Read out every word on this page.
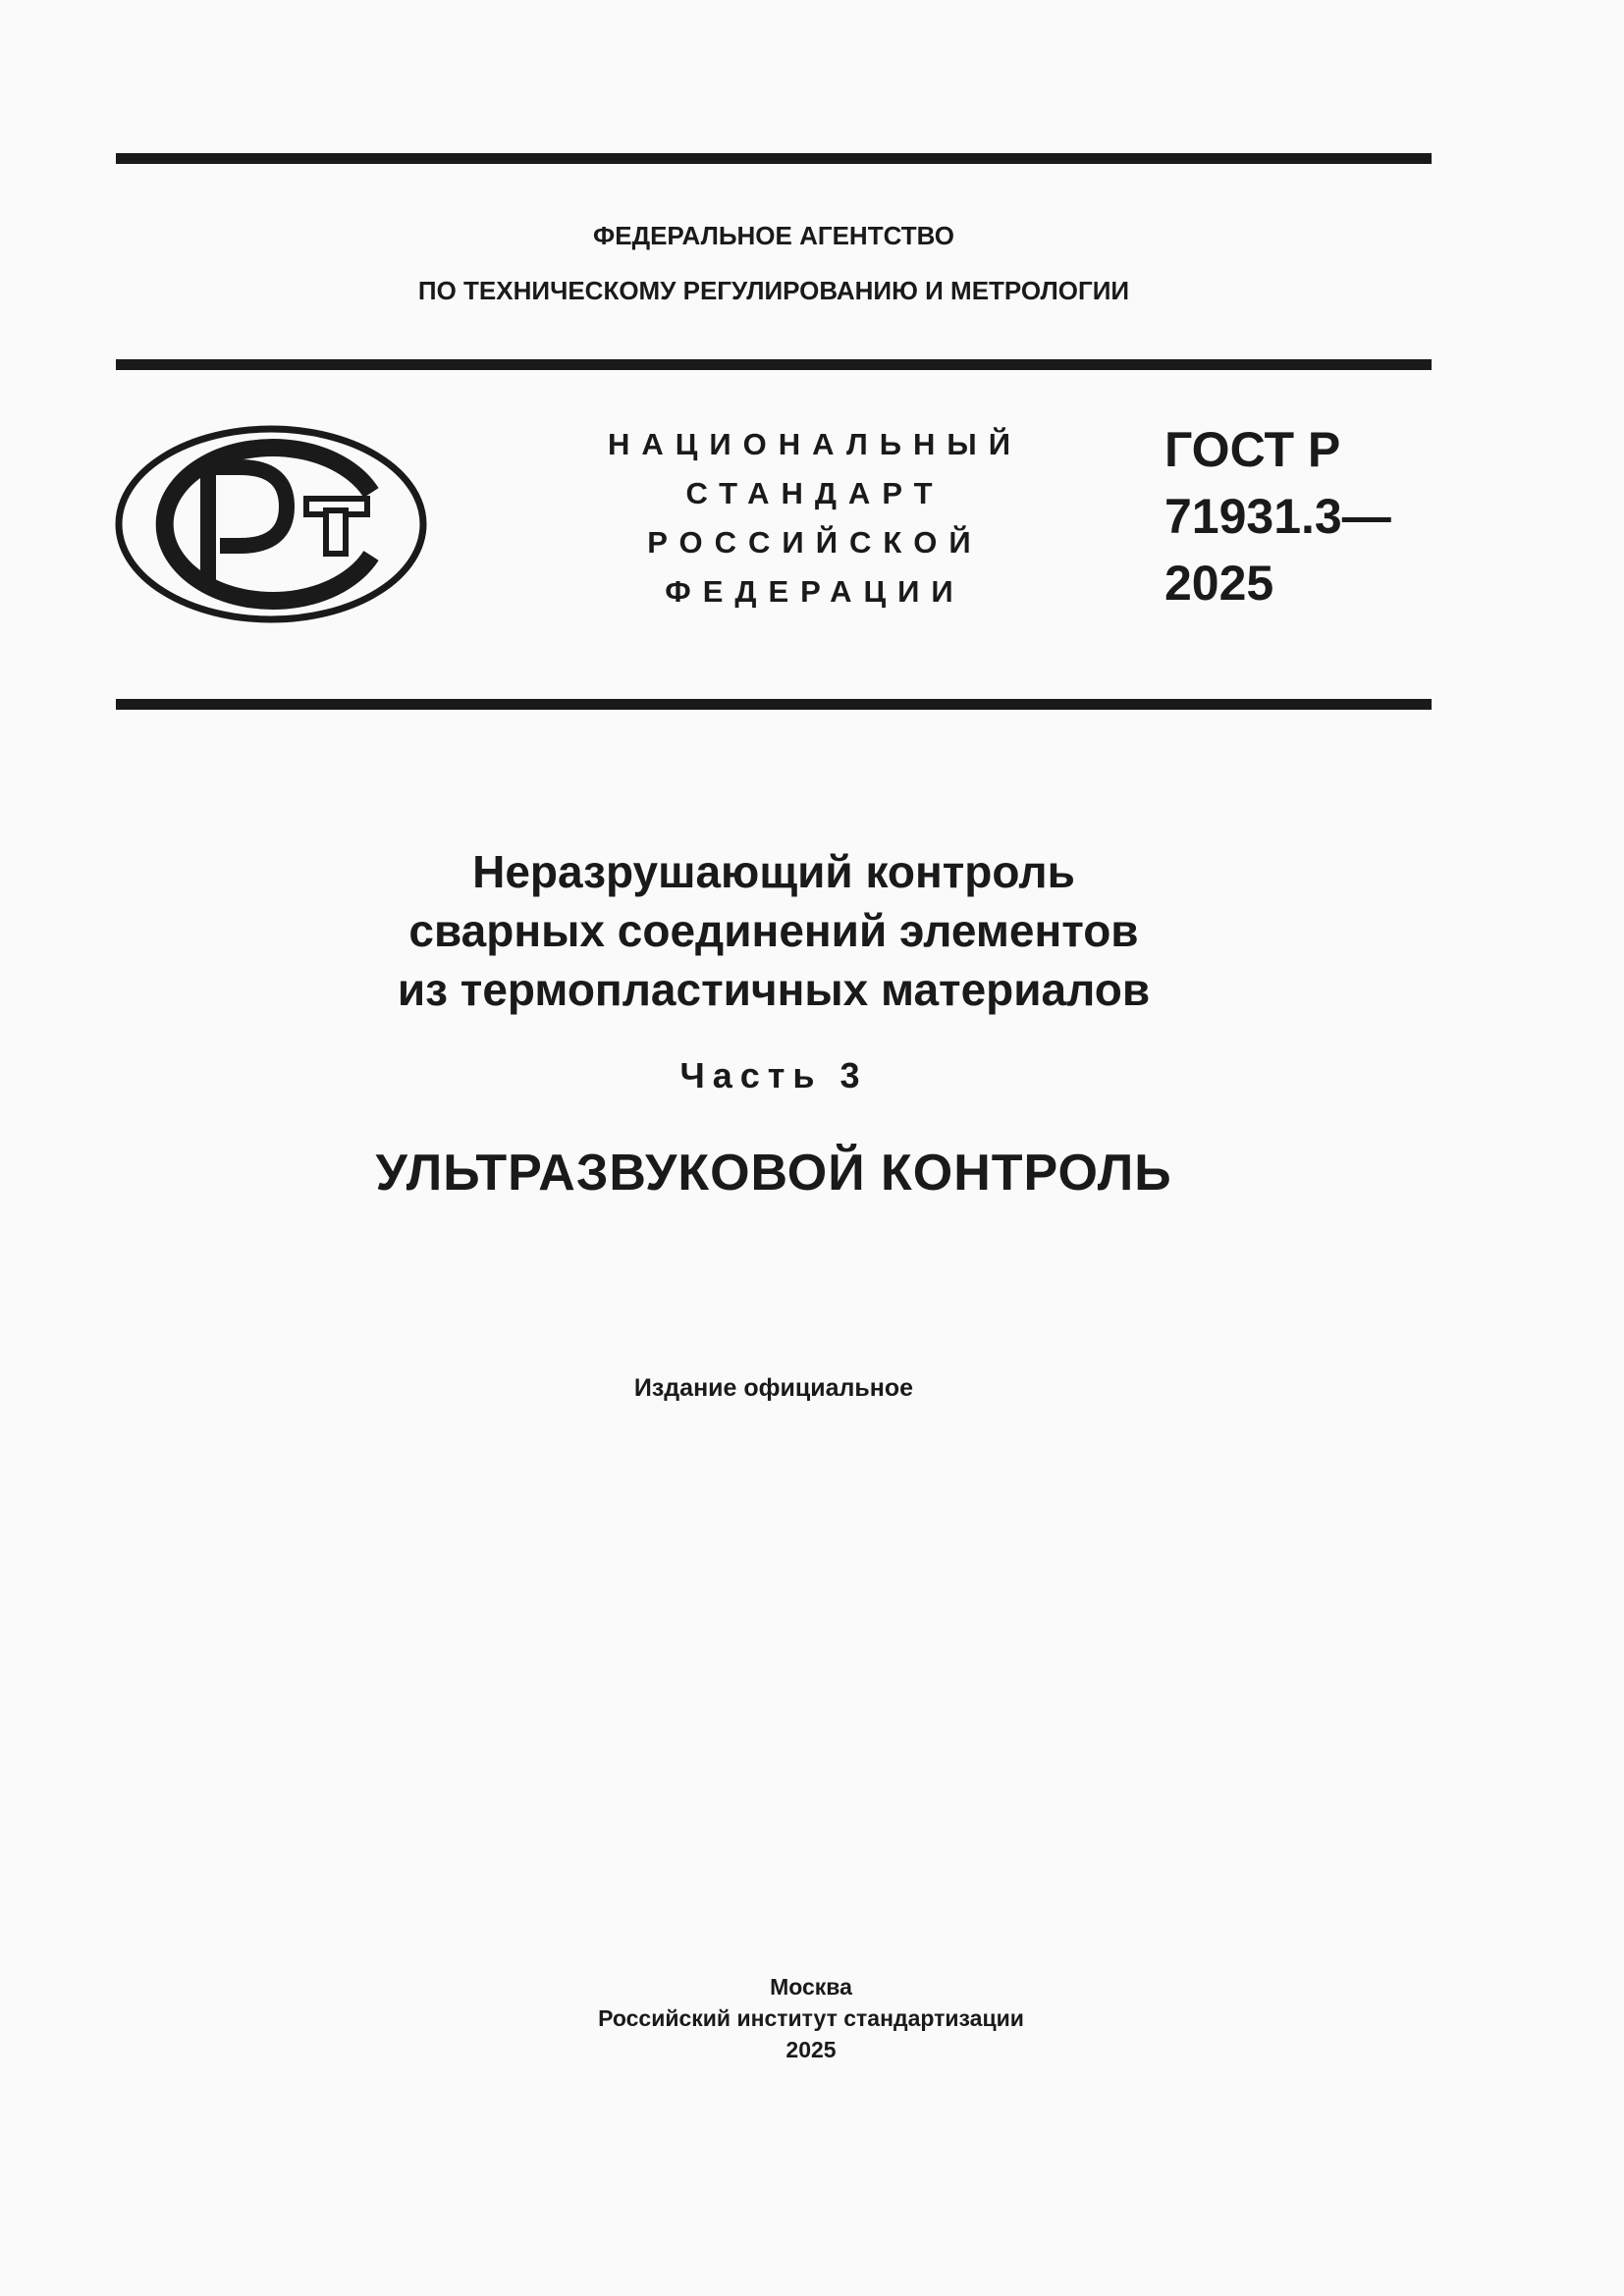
ФЕДЕРАЛЬНОЕ АГЕНТСТВО
ПО ТЕХНИЧЕСКОМУ РЕГУЛИРОВАНИЮ И МЕТРОЛОГИИ
НАЦИОНАЛЬНЫЙ
СТАНДАРТ
РОССИЙСКОЙ
ФЕДЕРАЦИИ
ГОСТ Р
71931.3—
2025
Неразрушающий контроль
сварных соединений элементов
из термопластичных материалов
Часть 3
УЛЬТРАЗВУКОВОЙ КОНТРОЛЬ
Издание официальное
Москва
Российский институт стандартизации
2025
